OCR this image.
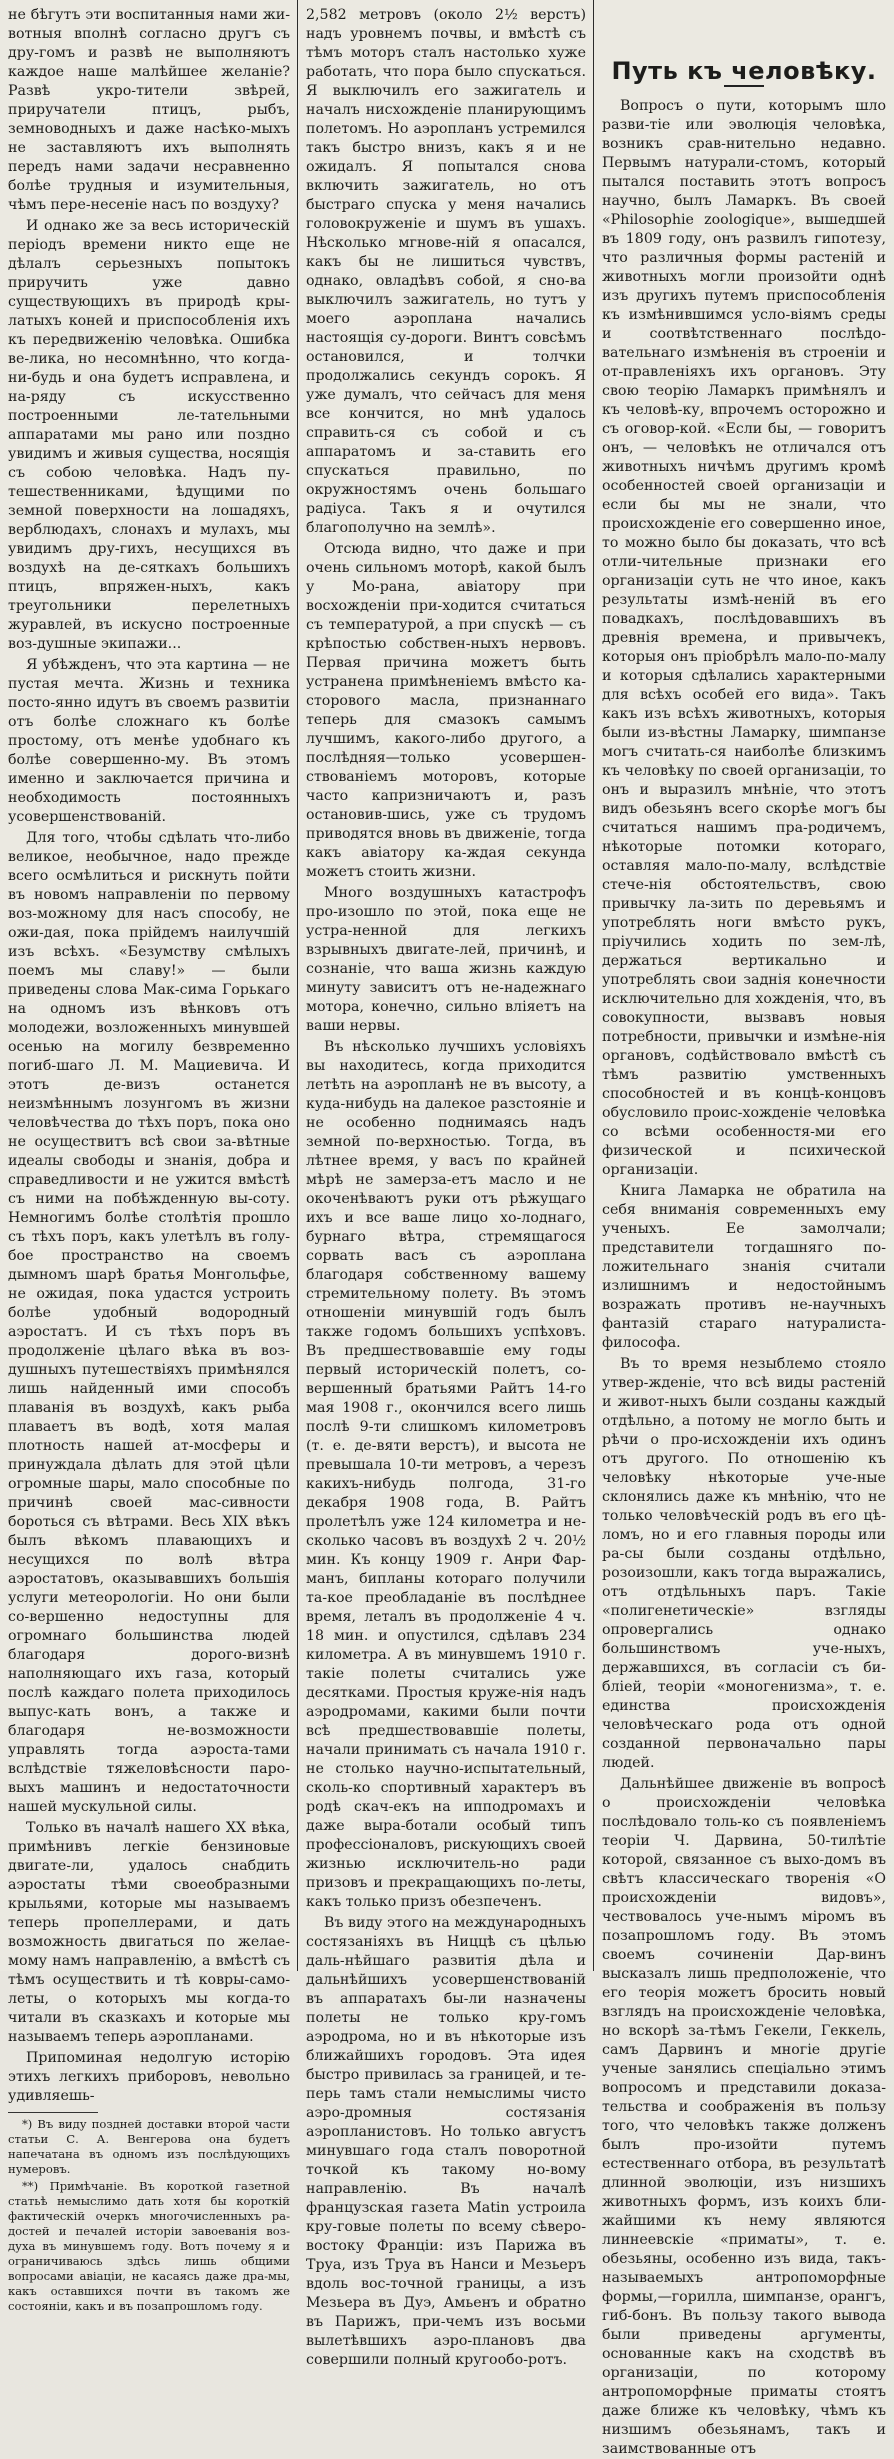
не бѣгутъ эти воспитанныя нами жи-вотныя вполнѣ согласно другъ съ дру-гомъ и развѣ не выполняютъ каждое наше малѣйшее желаніе? Развѣ укро-тители звѣрей, приручатели птицъ, рыбъ, земноводныхъ и даже насѣко-мыхъ не заставляютъ ихъ выполнять передъ нами задачи несравненно болѣе трудныя и изумительныя, чѣмъ пере-несеніе насъ по воздуху?

И однако же за весь историческій періодъ времени никто еще не дѣлалъ серьезныхъ попытокъ приручить уже давно существующихъ въ природѣ кры-латыхъ коней и приспособленія ихъ къ передвиженію человѣка. Ошибка ве-лика, но несомнѣнно, что когда-ни-будь и она будетъ исправлена, и на-ряду съ искусственно построенными ле-тательными аппаратами мы рано или поздно увидимъ и живыя существа, носящія съ собою человѣка. Надъ пу-тешественниками, ѣдущими по земной поверхности на лошадяхъ, верблюдахъ, слонахъ и мулахъ, мы увидимъ дру-гихъ, несущихся въ воздухѣ на де-сяткахъ большихъ птицъ, впряжен-ныхъ, какъ треугольники перелетныхъ журавлей, въ искусно построенные воз-душные экипажи...

Я убѣжденъ, что эта картина — не пустая мечта. Жизнь и техника посто-янно идутъ въ своемъ развитіи отъ болѣе сложнаго къ болѣе простому, отъ менѣе удобнаго къ болѣе совершенно-му. Въ этомъ именно и заключается причина и необходимость постоянныхъ усовершенствованій.

Для того, чтобы сдѣлать что-либо великое, необычное, надо прежде всего осмѣлиться и рискнуть пойти въ новомъ направленіи по первому воз-можному для насъ способу, не ожи-дая, пока прійдемъ наилучшій изъ всѣхъ. «Безумству смѣлыхъ поемъ мы славу!» — были приведены слова Мак-сима Горькаго на одномъ изъ вѣнковъ отъ молодежи, возложенныхъ минувшей осенью на могилу безвременно погиб-шаго Л. М. Мациевича. И этотъ де-визъ останется неизмѣннымъ лозунгомъ въ жизни человѣчества до тѣхъ поръ, пока оно не осуществитъ всѣ свои за-вѣтные идеалы свободы и знанія, добра и справедливости и не ужится вмѣстѣ съ ними на побѣжденную вы-соту. Немногимъ болѣе столѣтія прошло съ тѣхъ поръ, какъ улетѣлъ въ голу-бое пространство на своемъ дымномъ шарѣ братья Монгольфье, не ожидая, пока удастся устроить болѣе удобный водородный аэростатъ. И съ тѣхъ поръ въ продолженіе цѣлаго вѣка въ воз-душныхъ путешествіяхъ примѣнялся лишь найденный ими способъ плаванія въ воздухѣ, какъ рыба плаваетъ въ водѣ, хотя малая плотность нашей ат-мосферы и принуждала дѣлать для этой цѣли огромные шары, мало способные по причинѣ своей мас-сивности бороться съ вѣтрами. Весь XIX вѣкъ былъ вѣкомъ плавающихъ и несущихся по волѣ вѣтра аэростатовъ, оказывавшихъ большія услуги метеорологіи. Но они были со-вершенно недоступны для огромнаго большинства людей благодаря дорого-визнѣ наполняющаго ихъ газа, который послѣ каждаго полета приходилось выпус-кать вонъ, а также и благодаря не-возможности управлять тогда аэроста-тами вслѣдствіе тяжеловѣсности паро-выхъ машинъ и недостаточности нашей мускульной силы.

Только въ началѣ нашего XX вѣка, примѣнивъ легкіе бензиновые двигате-ли, удалось снабдить аэростаты тѣми своеобразными крыльями, которые мы называемъ теперь пропеллерами, и дать возможность двигаться по желае-мому намъ направленію, а вмѣстѣ съ тѣмъ осуществить и тѣ ковры-само-леты, о которыхъ мы когда-то читали въ сказкахъ и которые мы называемъ теперь аэропланами.

Припоминая недолгую исторію этихъ легкихъ приборовъ, невольно удивляешь-

*) Въ виду поздней доставки второй части статьи С. А. Венгерова она будетъ напечатана въ одномъ изъ послѣдующихъ нумеровъ.

**) Примѣчаніе. Въ короткой газетной статьѣ немыслимо дать хотя бы короткій фактическій очеркъ многочисленныхъ ра-достей и печалей исторіи завоеванія воз-духа въ минувшемъ году. Вотъ почему я и ограничиваюсь здѣсь лишь общими вопросами авіаціи, не касаясь даже дра-мы, какъ оставшихся почти въ такомъ же состояніи, какъ и въ позапрошломъ году.

2,582 метровъ (около 2½ верстъ) надъ уровнемъ почвы, и вмѣстѣ съ тѣмъ моторъ сталъ настолько хуже работать, что пора было спускаться. Я выключилъ его зажигатель и началъ нисхожденіе планирующимъ полетомъ. Но аэропланъ устремился такъ быстро внизъ, какъ я и не ожидалъ. Я попытался снова включить зажигатель, но отъ быстраго спуска у меня начались головокруженіе и шумъ въ ушахъ. Нѣсколько мгнове-ній я опасался, какъ бы не лишиться чувствъ, однако, овладѣвъ собой, я сно-ва выключилъ зажигатель, но тутъ у моего аэроплана начались настоящія су-дороги. Винтъ совсѣмъ остановился, и толчки продолжались секундъ сорокъ. Я уже думалъ, что сейчасъ для меня все кончится, но мнѣ удалось справить-ся съ собой и съ аппаратомъ и за-ставить его спускаться правильно, по окружностямъ очень большаго радіуса. Такъ я и очутился благополучно на землѣ».

Отсюда видно, что даже и при очень сильномъ моторѣ, какой былъ у Мо-рана, авіатору при восхожденіи при-ходится считаться съ температурой, а при спускѣ — съ крѣпостью собствен-ныхъ нервовъ. Первая причина можетъ быть устранена примѣненіемъ вмѣсто ка-сторового масла, признаннаго теперь для смазокъ самымъ лучшимъ, какого-либо другого, а послѣдняя—только усовершен-ствованіемъ моторовъ, которые часто капризничаютъ и, разъ остановив-шись, уже съ трудомъ приводятся вновь въ движеніе, тогда какъ авіатору ка-ждая секунда можетъ стоить жизни.

Много воздушныхъ катастрофъ про-изошло по этой, пока еще не устра-ненной для легкихъ взрывныхъ двигате-лей, причинѣ, и сознаніе, что ваша жизнь каждую минуту зависитъ отъ не-надежнаго мотора, конечно, сильно вліяетъ на ваши нервы.

Въ нѣсколько лучшихъ условіяхъ вы находитесь, когда приходится летѣть на аэропланѣ не въ высоту, а куда-нибудь на далекое разстояніе и не особенно поднимаясь надъ земной по-верхностью. Тогда, въ лѣтнее время, у васъ по крайней мѣрѣ не замерза-етъ масло и не окоченѣваютъ руки отъ рѣжущаго ихъ и все ваше лицо хо-лоднаго, бурнаго вѣтра, стремящагося сорвать васъ съ аэроплана благодаря собственному вашему стремительному полету. Въ этомъ отношеніи минувшій годъ былъ также годомъ большихъ успѣховъ. Въ предшествовавшіе ему годы первый историческій полетъ, со-вершенный братьями Райтъ 14-го мая 1908 г., окончился всего лишь послѣ 9-ти слишкомъ километровъ (т. е. де-вяти верстъ), и высота не превышала 10-ти метровъ, а черезъ какихъ-нибудь полгода, 31-го декабря 1908 года, В. Райтъ пролетѣлъ уже 124 километра и не-сколько часовъ въ воздухѣ 2 ч. 20½ мин. Къ концу 1909 г. Анри Фар-манъ, бипланы котораго получили та-кое преобладаніе въ послѣднее время, леталъ въ продолженіе 4 ч. 18 мин. и опустился, сдѣлавъ 234 километра. А въ минувшемъ 1910 г. такіе полеты считались уже десятками. Простыя круже-нія надъ аэродромами, какими были почти всѣ предшествовавшіе полеты, начали принимать съ начала 1910 г. не столько научно-испытательный, сколь-ко спортивный характеръ въ родѣ скач-екъ на ипподромахъ и даже выра-ботали особый типъ профессіоналовъ, рискующихъ своей жизнью исключитель-но ради призовъ и прекращающихъ по-леты, какъ только призъ обезпеченъ.

Въ виду этого на международныхъ состязаніяхъ въ Ниццѣ съ цѣлью даль-нѣйшаго развитія дѣла и дальнѣйшихъ усовершенствованій въ аппаратахъ бы-ли назначены полеты не только кру-гомъ аэродрома, но и въ нѣкоторые изъ ближайшихъ городовъ. Эта идея быстро привилась за границей, и те-перь тамъ стали немыслимы чисто аэро-дромныя состязанія аэропланистовъ. Но только августъ минувшаго года сталъ поворотной точкой къ такому но-вому направленію. Въ началѣ французская газета Matin устроила кру-говые полеты по всему сѣверо-востоку Франціи: изъ Парижа въ Труа, изъ Труа въ Нанси и Мезьеръ вдоль вос-точной границы, а изъ Мезьера въ Дуэ, Амьенъ и обратно въ Парижъ, при-чемъ изъ восьми вылетѣвшихъ аэро-плановъ два совершили полный кругообо-ротъ.

Путь къ человѣку.

Вопросъ о пути, которымъ шло разви-тіе или эволюція человѣка, возникъ срав-нительно недавно. Первымъ натурали-стомъ, который пытался поставить этотъ вопросъ научно, былъ Ламаркъ. Въ своей «Philosophie zoologique», вышедшей въ 1809 году, онъ развилъ гипотезу, что различныя формы растеній и животныхъ могли произойти однѣ изъ другихъ путемъ приспособленія къ измѣнившимся усло-віямъ среды и соотвѣтственнаго послѣдо-вательнаго измѣненія въ строеніи и от-правленіяхъ ихъ органовъ. Эту свою теорію Ламаркъ примѣнялъ и къ человѣ-ку, впрочемъ осторожно и съ оговор-кой. «Если бы, — говоритъ онъ, — человѣкъ не отличался отъ животныхъ ничѣмъ другимъ кромѣ особенностей своей организаціи и если бы мы не знали, что происхожденіе его совершенно иное, то можно было бы доказать, что всѣ отли-чительные признаки его организаціи суть не что иное, какъ результаты измѣ-неній въ его повадкахъ, послѣдовавшихъ въ древнія времена, и привычекъ, которыя онъ пріобрѣлъ мало-по-малу и которыя сдѣлались характерными для всѣхъ особей его вида». Такъ какъ изъ всѣхъ животныхъ, которыя были из-вѣстны Ламарку, шимпанзе могъ считать-ся наиболѣе близкимъ къ человѣку по своей организаціи, то онъ и выразилъ мнѣніе, что этотъ видъ обезьянъ всего скорѣе могъ бы считаться нашимъ пра-родичемъ, нѣкоторые потомки котораго, оставляя мало-по-малу, вслѣдствіе стече-нія обстоятельствъ, свою привычку ла-зить по деревьямъ и употреблять ноги вмѣсто рукъ, пріучились ходить по зем-лѣ, держаться вертикально и употреблять свои заднія конечности исключительно для хожденія, что, въ совокупности, вызвавъ новыя потребности, привычки и измѣне-нія органовъ, содѣйствовало вмѣстѣ съ тѣмъ развитію умственныхъ способностей и въ концѣ-концовъ обусловило проис-хожденіе человѣка со всѣми особенностя-ми его физической и психической организаціи.

Книга Ламарка не обратила на себя вниманія современныхъ ему ученыхъ. Ее замолчали; представители тогдашняго по-ложительнаго знанія считали излишнимъ и недостойнымъ возражать противъ не-научныхъ фантазій стараго натуралиста-философа.

Въ то время незыблемо стояло утвер-жденіе, что всѣ виды растеній и живот-ныхъ были созданы каждый отдѣльно, а потому не могло быть и рѣчи о про-исхожденіи ихъ одинъ отъ другого. По отношенію къ человѣку нѣкоторые уче-ные склонялись даже къ мнѣнію, что не только человѣческій родъ въ его цѣ-ломъ, но и его главныя породы или ра-сы были созданы отдѣльно, розоизошли, какъ тогда выражались, отъ отдѣльныхъ паръ. Такіе «полигенетическіе» взгляды опровергались однако большинствомъ уче-ныхъ, державшихся, въ согласіи съ би-бліей, теоріи «моногенизма», т. е. единства происхожденія человѣческаго рода отъ одной созданной первоначально пары людей.

Дальнѣйшее движеніе въ вопросѣ о происхожденіи человѣка послѣдовало толь-ко съ появленіемъ теоріи Ч. Дарвина, 50-тилѣтіе которой, связанное съ выхо-домъ въ свѣтъ классическаго творенія «О происхожденіи видовъ», чествовалось уче-нымъ міромъ въ позапрошломъ году. Въ этомъ своемъ сочиненіи Дар-винъ высказалъ лишь предположеніе, что его теорія можетъ бросить новый взглядъ на происхожденіе человѣка, но вскорѣ за-тѣмъ Гекели, Геккель, самъ Дарвинъ и многіе другіе ученые занялись спеціально этимъ вопросомъ и представили доказа-тельства и соображенія въ пользу того, что человѣкъ также долженъ былъ про-изойти путемъ естественнаго отбора, въ результатѣ длинной эволюціи, изъ низшихъ животныхъ формъ, изъ коихъ бли-жайшими къ нему являются линнеевскіе «приматы», т. е. обезьяны, особенно изъ вида, такъ-называемыхъ антропоморфные формы,—горилла, шимпанзе, орангъ, гиб-бонъ. Въ пользу такого вывода были приведены аргументы, основанные какъ на сходствѣ въ организаціи, по которому антропоморфные приматы стоятъ даже ближе къ человѣку, чѣмъ къ низшимъ обезьянамъ, такъ и заимствованные отъ
